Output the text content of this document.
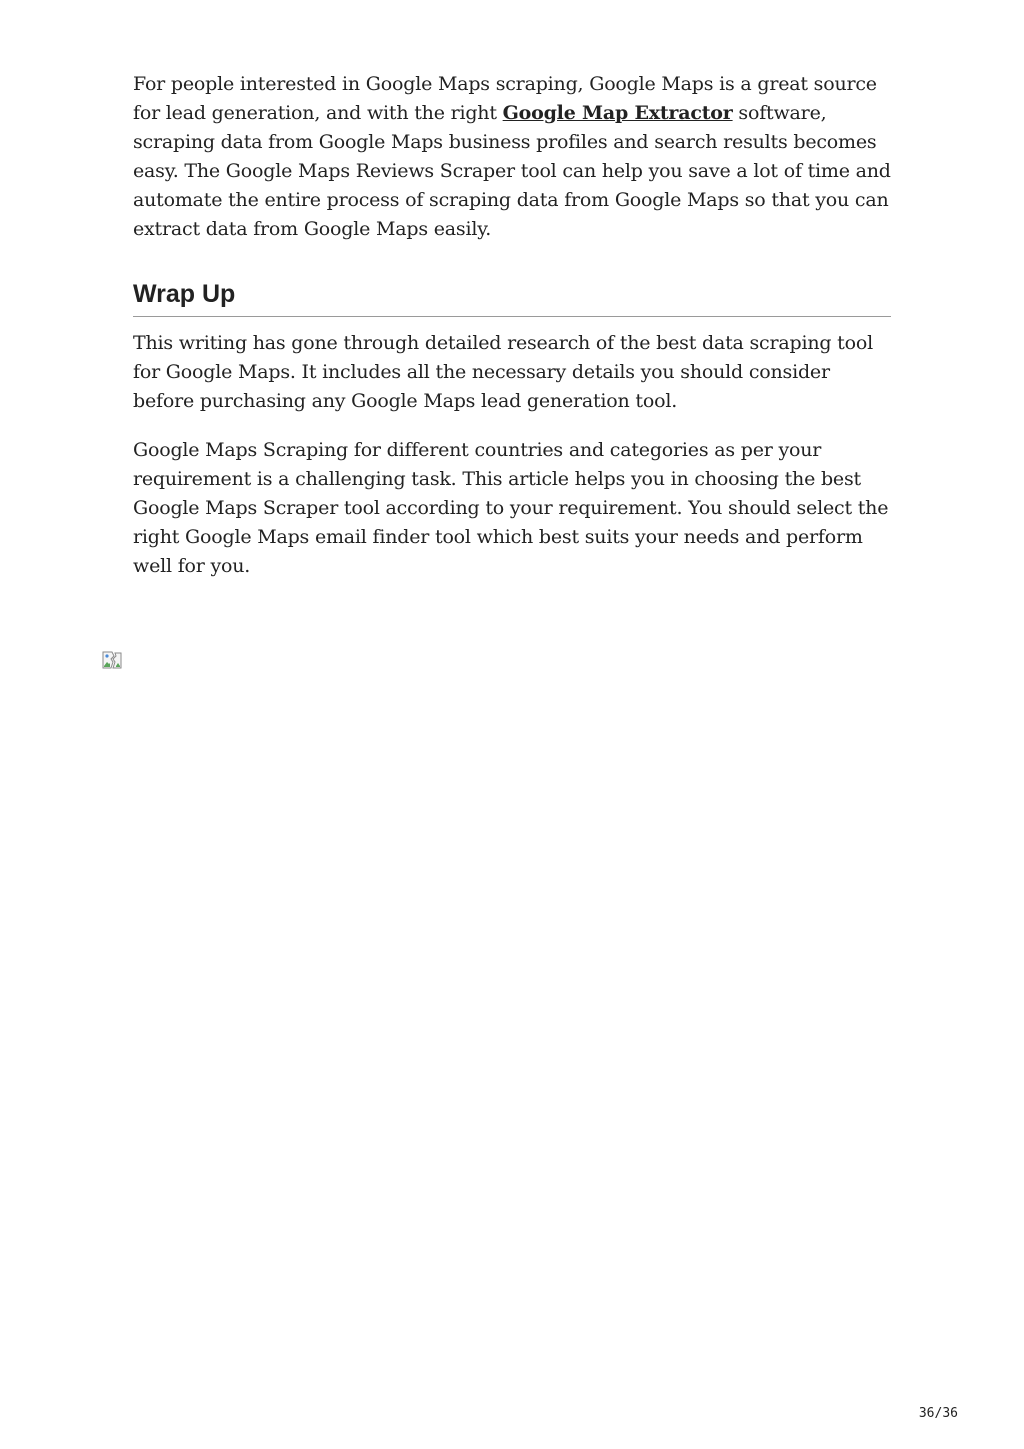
For people interested in Google Maps scraping, Google Maps is a great source for lead generation, and with the right Google Map Extractor software, scraping data from Google Maps business profiles and search results becomes easy. The Google Maps Reviews Scraper tool can help you save a lot of time and automate the entire process of scraping data from Google Maps so that you can extract data from Google Maps easily.

Wrap Up

This writing has gone through detailed research of the best data scraping tool for Google Maps. It includes all the necessary details you should consider before purchasing any Google Maps lead generation tool.

Google Maps Scraping for different countries and categories as per your requirement is a challenging task. This article helps you in choosing the best Google Maps Scraper tool according to your requirement. You should select the right Google Maps email finder tool which best suits your needs and perform well for you.

36/36
